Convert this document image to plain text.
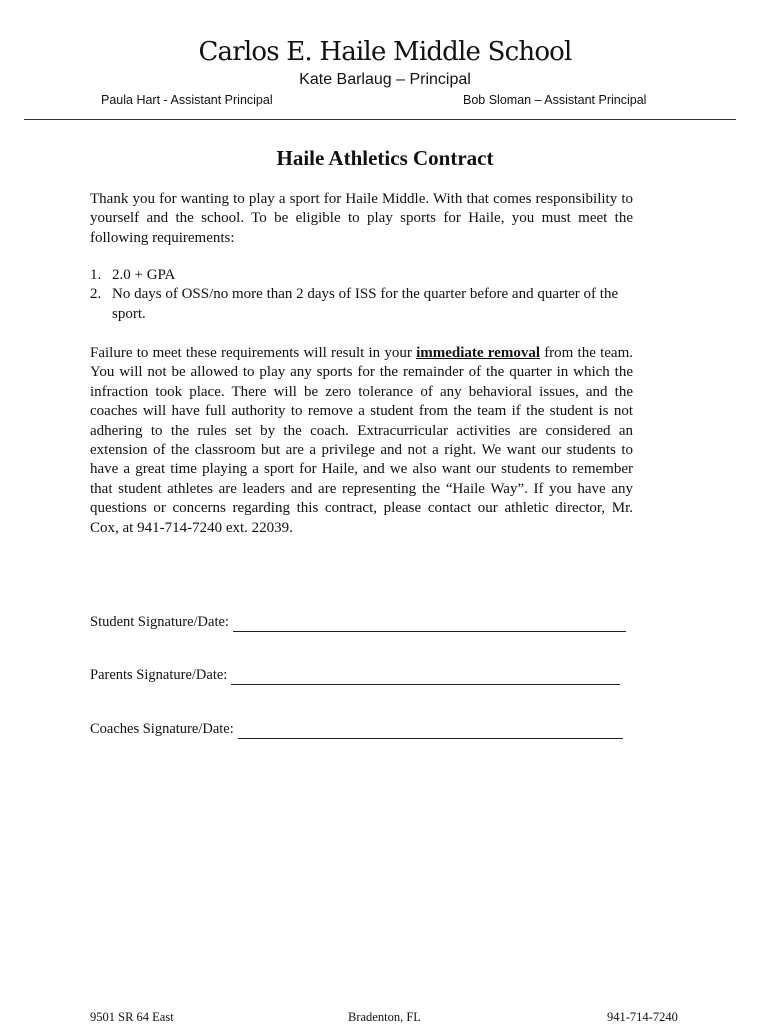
Carlos E. Haile Middle School
Kate Barlaug – Principal
Paula Hart - Assistant Principal	Bob Sloman – Assistant Principal
Haile Athletics Contract
Thank you for wanting to play a sport for Haile Middle. With that comes responsibility to yourself and the school. To be eligible to play sports for Haile, you must meet the following requirements:
1. 2.0 + GPA
2. No days of OSS/no more than 2 days of ISS for the quarter before and quarter of the sport.
Failure to meet these requirements will result in your immediate removal from the team. You will not be allowed to play any sports for the remainder of the quarter in which the infraction took place. There will be zero tolerance of any behavioral issues, and the coaches will have full authority to remove a student from the team if the student is not adhering to the rules set by the coach. Extracurricular activities are considered an extension of the classroom but are a privilege and not a right. We want our students to have a great time playing a sport for Haile, and we also want our students to remember that student athletes are leaders and are representing the “Haile Way”. If you have any questions or concerns regarding this contract, please contact our athletic director, Mr. Cox, at 941-714-7240 ext. 22039.
Student Signature/Date:
Parents Signature/Date:
Coaches Signature/Date:
9501 SR 64 East	Bradenton, FL	941-714-7240
